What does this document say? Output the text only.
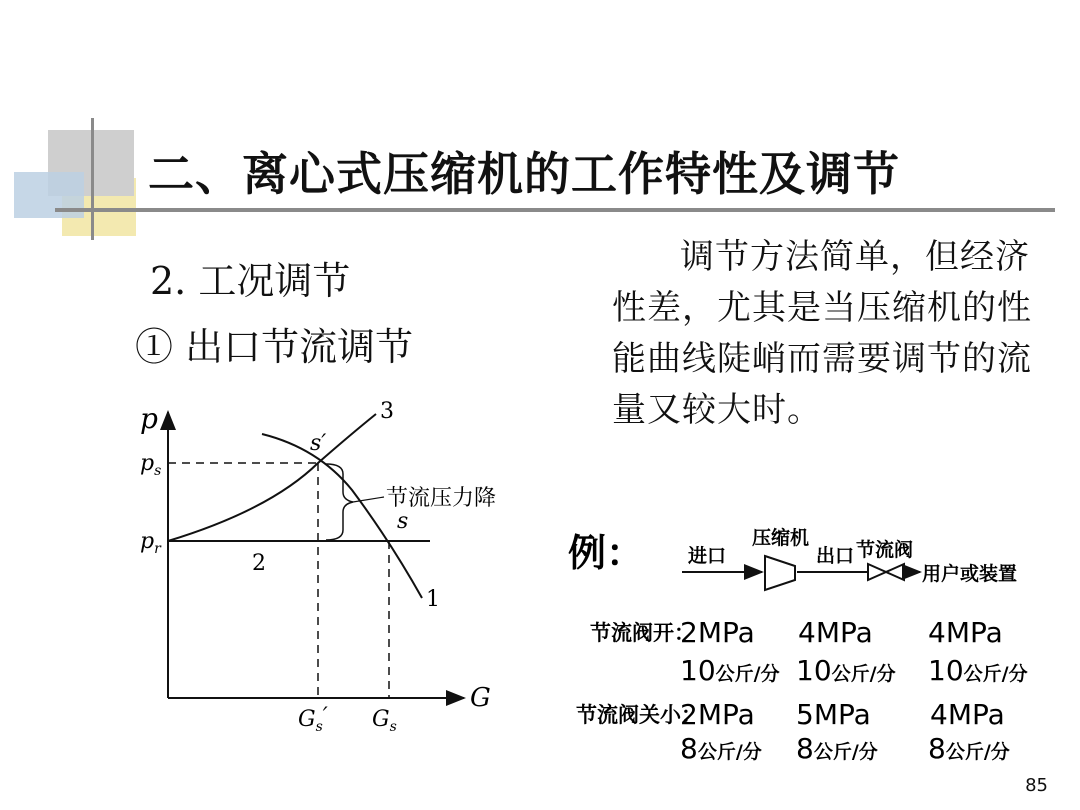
二、离心式压缩机的工作特性及调节
2. 工况调节
① 出口节流调节
调节方法简单，但经济性差，尤其是当压缩机的性能曲线陡峭而需要调节的流量又较大时。
p
G
节流压力降
$p_s$
$p_r$
$G_s'$ $G_s$
s′
s
1
2
3
例： 进口
压缩机
出口 节流阀
用户或装置
节流阀开：
2MPa 4MPa 4MPa
10公斤/分 10公斤/分 10公斤/分
节流阀关小：
2MPa 5MPa 4MPa
8公斤/分 8公斤/分 8公斤/分
85
